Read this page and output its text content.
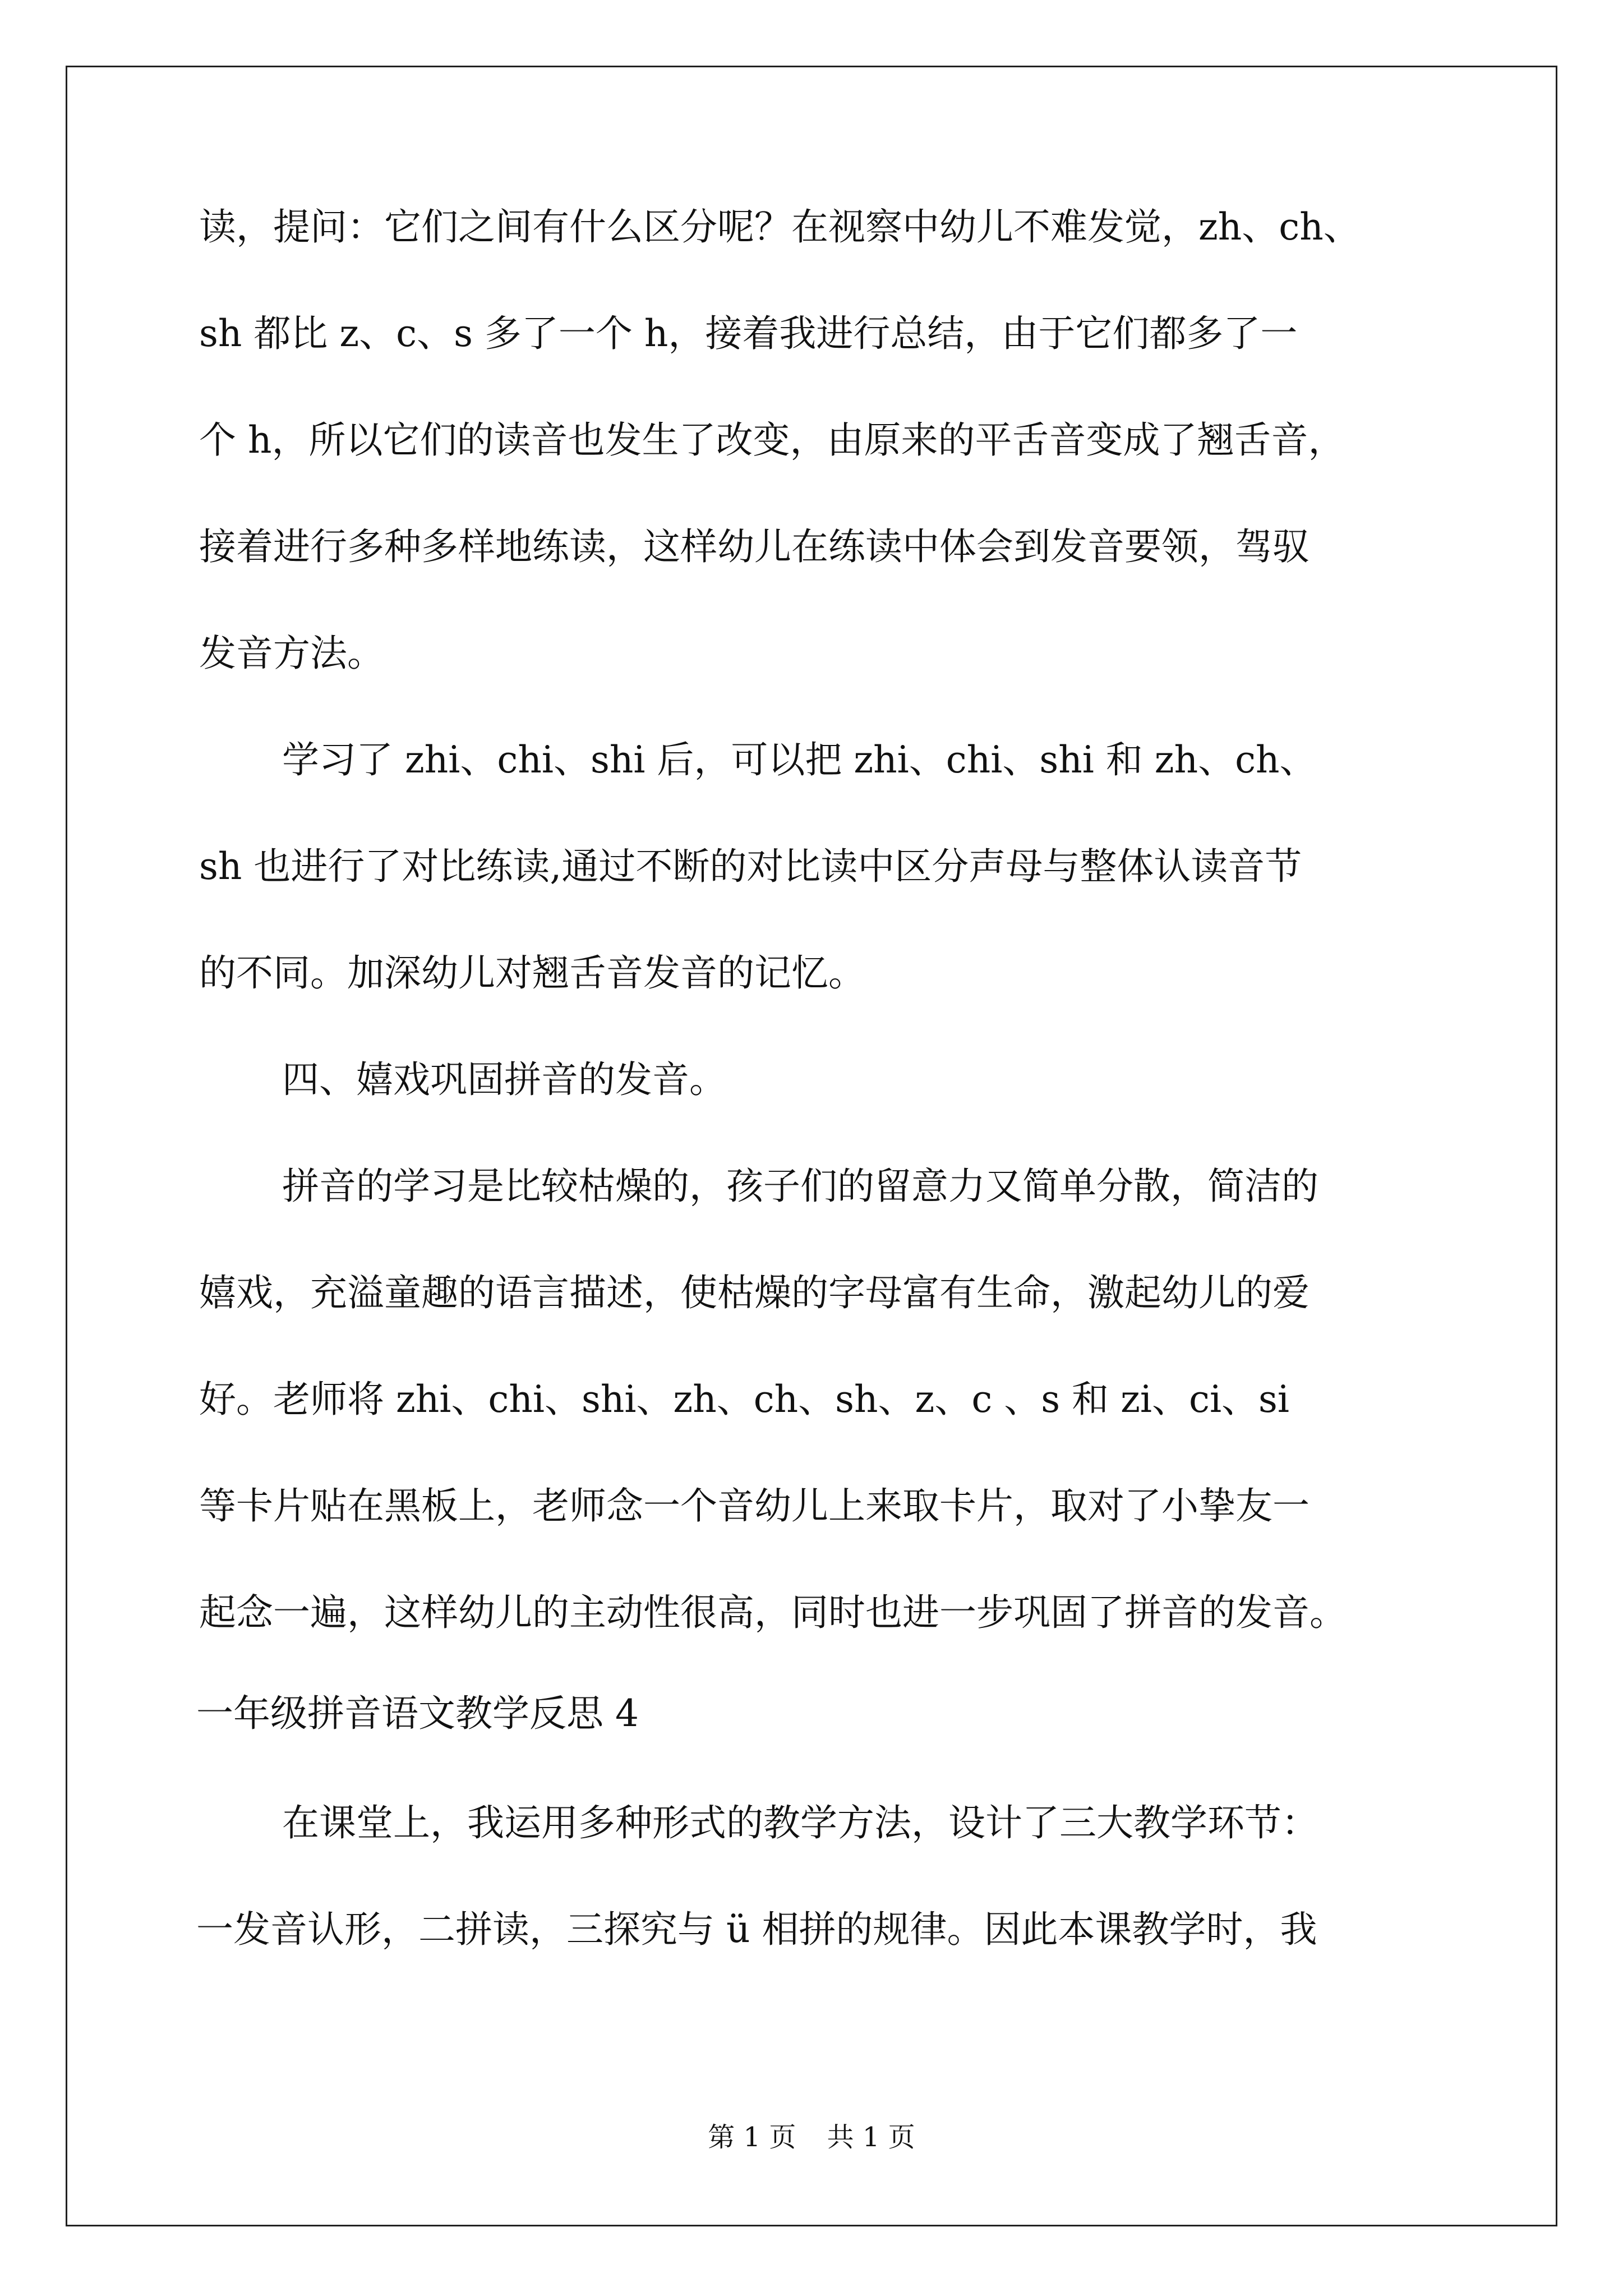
读，提问：它们之间有什么区分呢？在视察中幼儿不难发觉，zh、ch、
sh 都比 z、c、s 多了一个 h，接着我进行总结，由于它们都多了一
个 h，所以它们的读音也发生了改变，由原来的平舌音变成了翘舌音，
接着进行多种多样地练读，这样幼儿在练读中体会到发音要领，驾驭
发音方法。
学习了 zhi、chi、shi 后，可以把 zhi、chi、shi 和 zh、ch、
sh 也进行了对比练读,通过不断的对比读中区分声母与整体认读音节
的不同。加深幼儿对翘舌音发音的记忆。
四、嬉戏巩固拼音的发音。
拼音的学习是比较枯燥的，孩子们的留意力又简单分散，简洁的
嬉戏，充溢童趣的语言描述，使枯燥的字母富有生命，激起幼儿的爱
好。老师将 zhi、chi、shi、zh、ch、sh、z、c 、s 和 zi、ci、si
等卡片贴在黑板上，老师念一个音幼儿上来取卡片，取对了小挚友一
起念一遍，这样幼儿的主动性很高，同时也进一步巩固了拼音的发音。
一年级拼音语文教学反思 4
在课堂上，我运用多种形式的教学方法，设计了三大教学环节：
一发音认形，二拼读，三探究与 ü 相拼的规律。因此本课教学时，我
第 1 页 共 1 页
